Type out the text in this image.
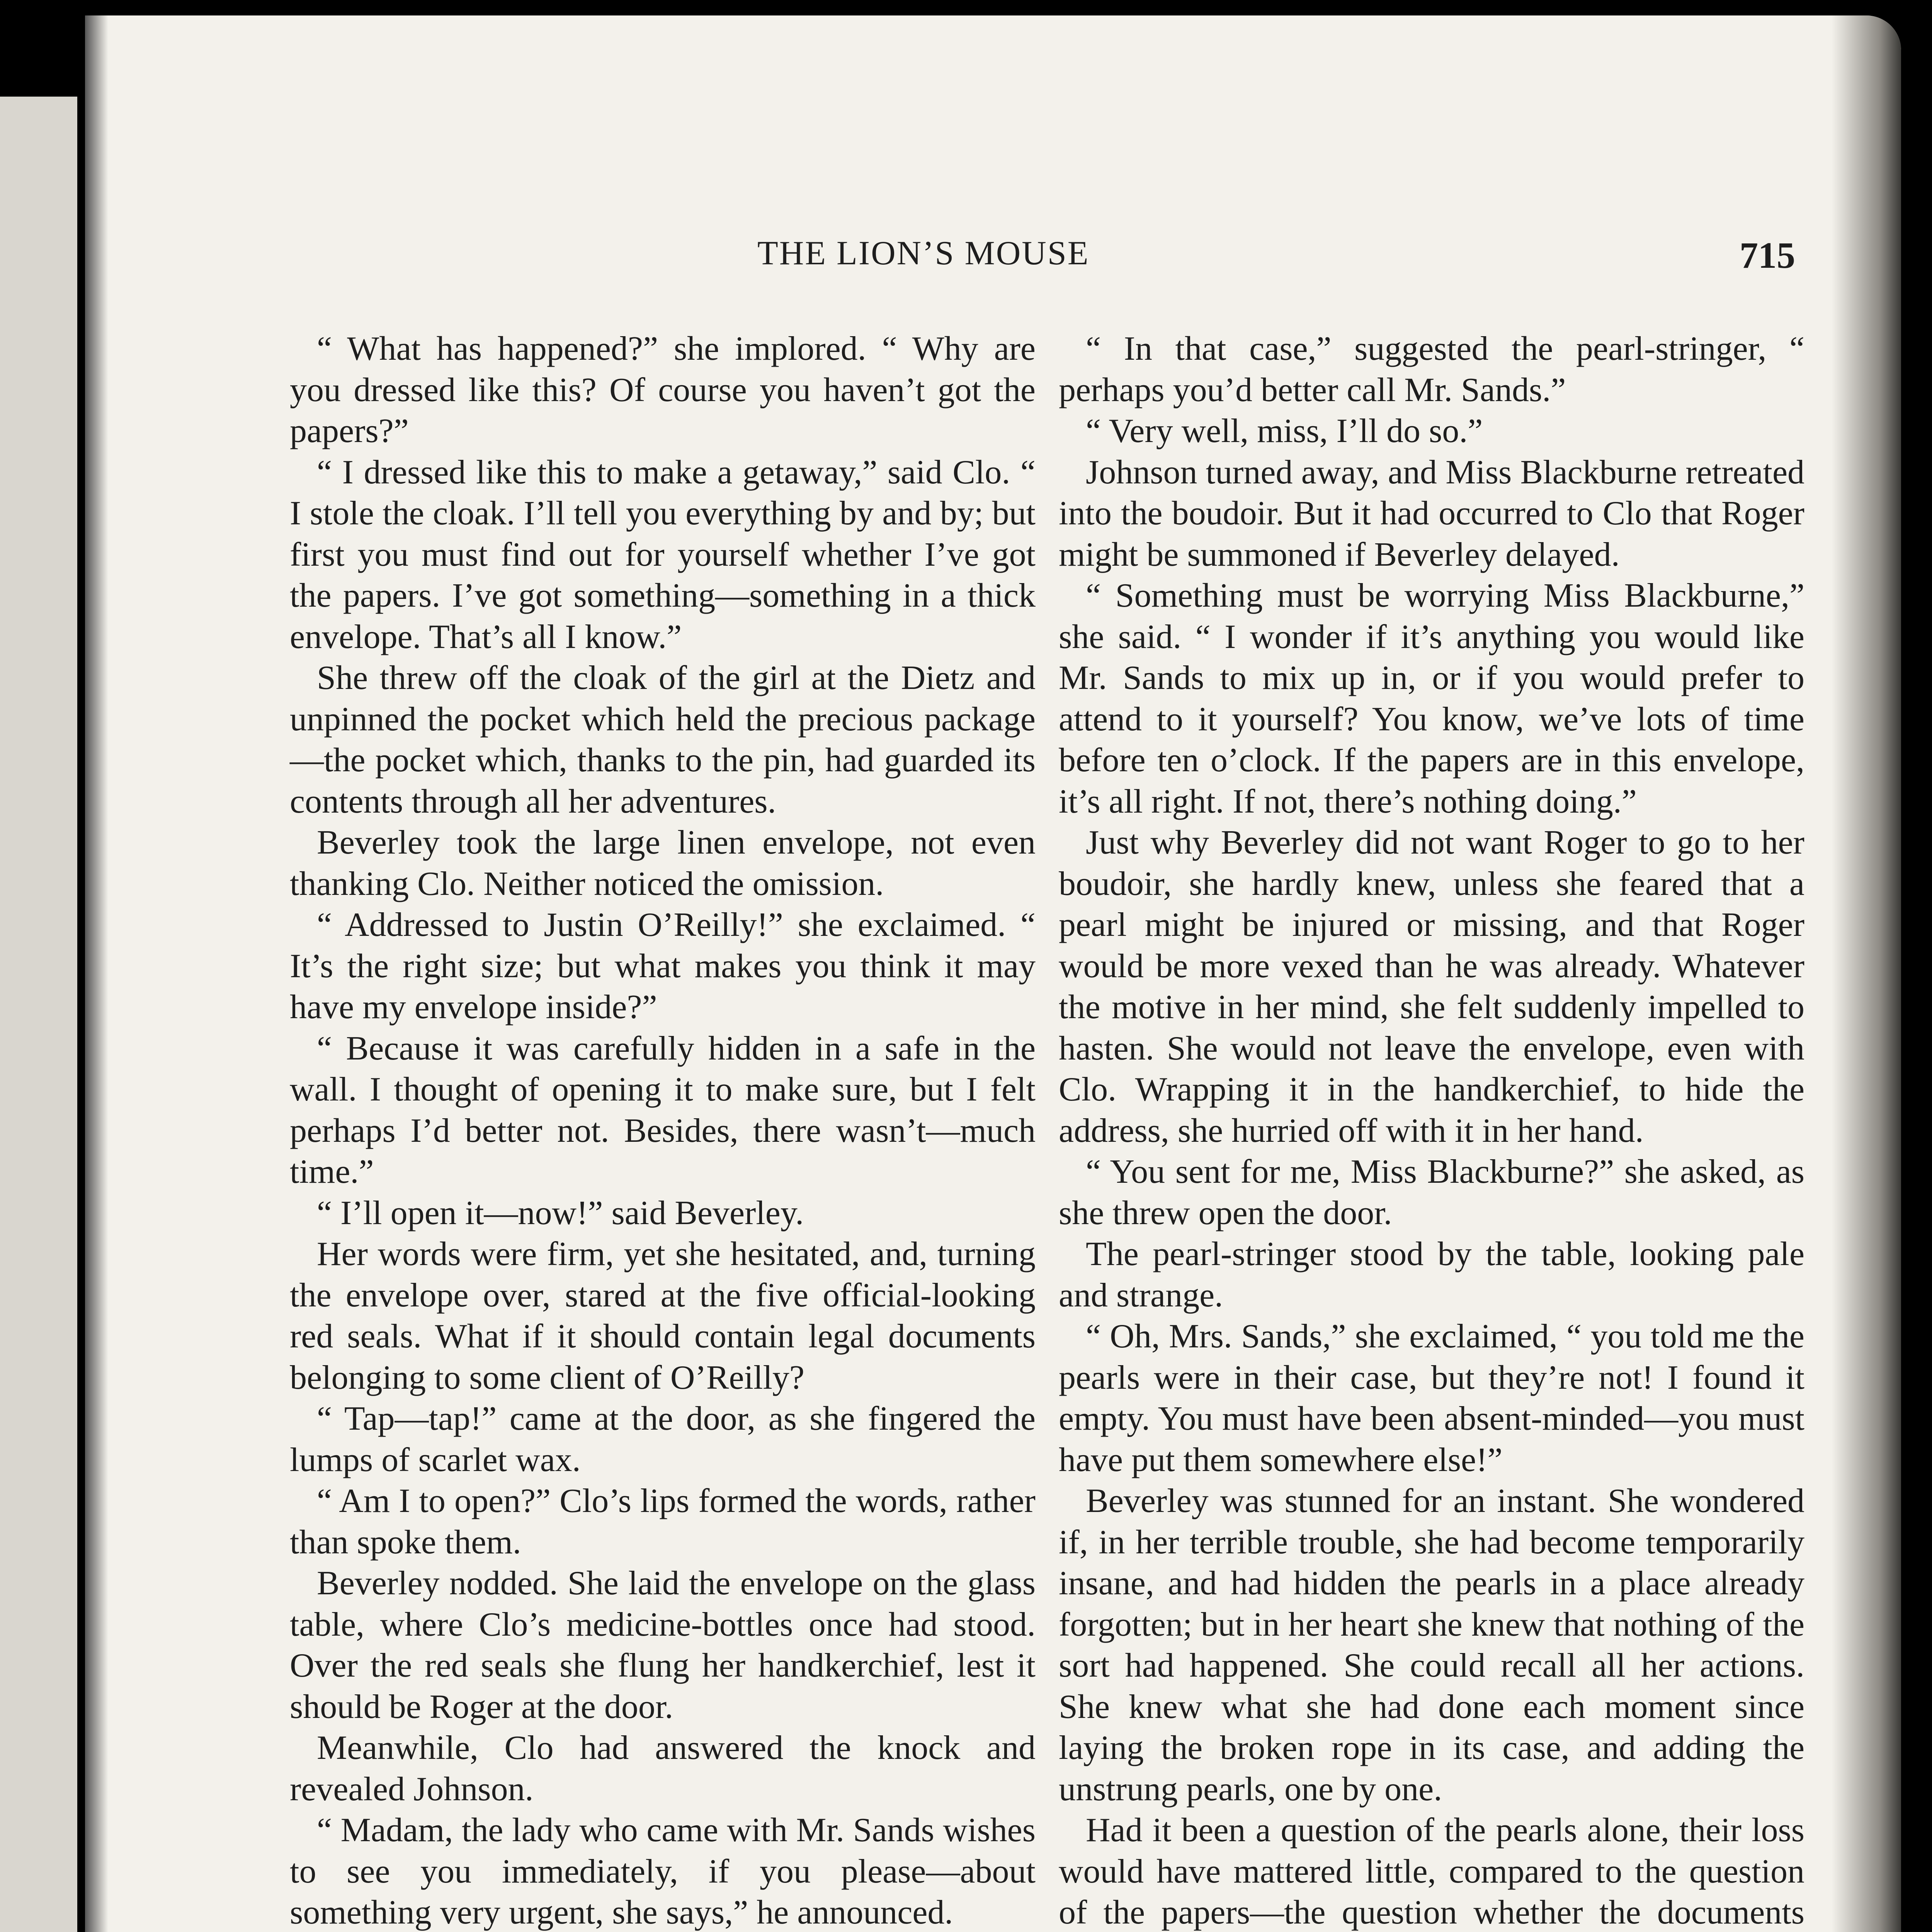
THE LION’S MOUSE	715

“ What has happened?” she implored. “ Why are you dressed like this? Of course you haven’t got the papers?”

“ I dressed like this to make a getaway,” said Clo. “ I stole the cloak. I’ll tell you everything by and by; but first you must find out for yourself whether I’ve got the papers. I’ve got something—something in a thick envelope. That’s all I know.”

She threw off the cloak of the girl at the Dietz and unpinned the pocket which held the precious package—the pocket which, thanks to the pin, had guarded its contents through all her adventures.

Beverley took the large linen envelope, not even thanking Clo. Neither noticed the omission.

“ Addressed to Justin O’Reilly!” she exclaimed. “ It’s the right size; but what makes you think it may have my envelope inside?”

“ Because it was carefully hidden in a safe in the wall. I thought of opening it to make sure, but I felt perhaps I’d better not. Besides, there wasn’t—much time.”

“ I’ll open it—now!” said Beverley.

Her words were firm, yet she hesitated, and, turning the envelope over, stared at the five official-looking red seals. What if it should contain legal documents belonging to some client of O’Reilly?

“ Tap—tap!” came at the door, as she fingered the lumps of scarlet wax.

“ Am I to open?” Clo’s lips formed the words, rather than spoke them.

Beverley nodded. She laid the envelope on the glass table, where Clo’s medicine-bottles once had stood. Over the red seals she flung her handkerchief, lest it should be Roger at the door.

Meanwhile, Clo had answered the knock and revealed Johnson.

“ Madam, the lady who came with Mr. Sands wishes to see you immediately, if you please—about something very urgent, she says,” he announced.

“ In that case,” suggested the pearl-stringer, “ perhaps you’d better call Mr. Sands.”

“ Very well, miss, I’ll do so.”

Johnson turned away, and Miss Blackburne retreated into the boudoir. But it had occurred to Clo that Roger might be summoned if Beverley delayed.

“ Something must be worrying Miss Blackburne,” she said. “ I wonder if it’s anything you would like Mr. Sands to mix up in, or if you would prefer to attend to it yourself? You know, we’ve lots of time before ten o’clock. If the papers are in this envelope, it’s all right. If not, there’s nothing doing.”

Just why Beverley did not want Roger to go to her boudoir, she hardly knew, unless she feared that a pearl might be injured or missing, and that Roger would be more vexed than he was already. Whatever the motive in her mind, she felt suddenly impelled to hasten. She would not leave the envelope, even with Clo. Wrapping it in the handkerchief, to hide the address, she hurried off with it in her hand.

“ You sent for me, Miss Blackburne?” she asked, as she threw open the door.

The pearl-stringer stood by the table, looking pale and strange.

“ Oh, Mrs. Sands,” she exclaimed, “ you told me the pearls were in their case, but they’re not! I found it empty. You must have been absent-minded—you must have put them somewhere else!”

Beverley was stunned for an instant. She wondered if, in her terrible trouble, she had become temporarily insane, and had hidden the pearls in a place already forgotten; but in her heart she knew that nothing of the sort had happened. She could recall all her actions. She knew what she had done each moment since laying the broken rope in its case, and adding the unstrung pearls, one by one.

Had it been a question of the pearls alone, their loss would have mattered little, compared to the question of the papers—the question whether the documents
